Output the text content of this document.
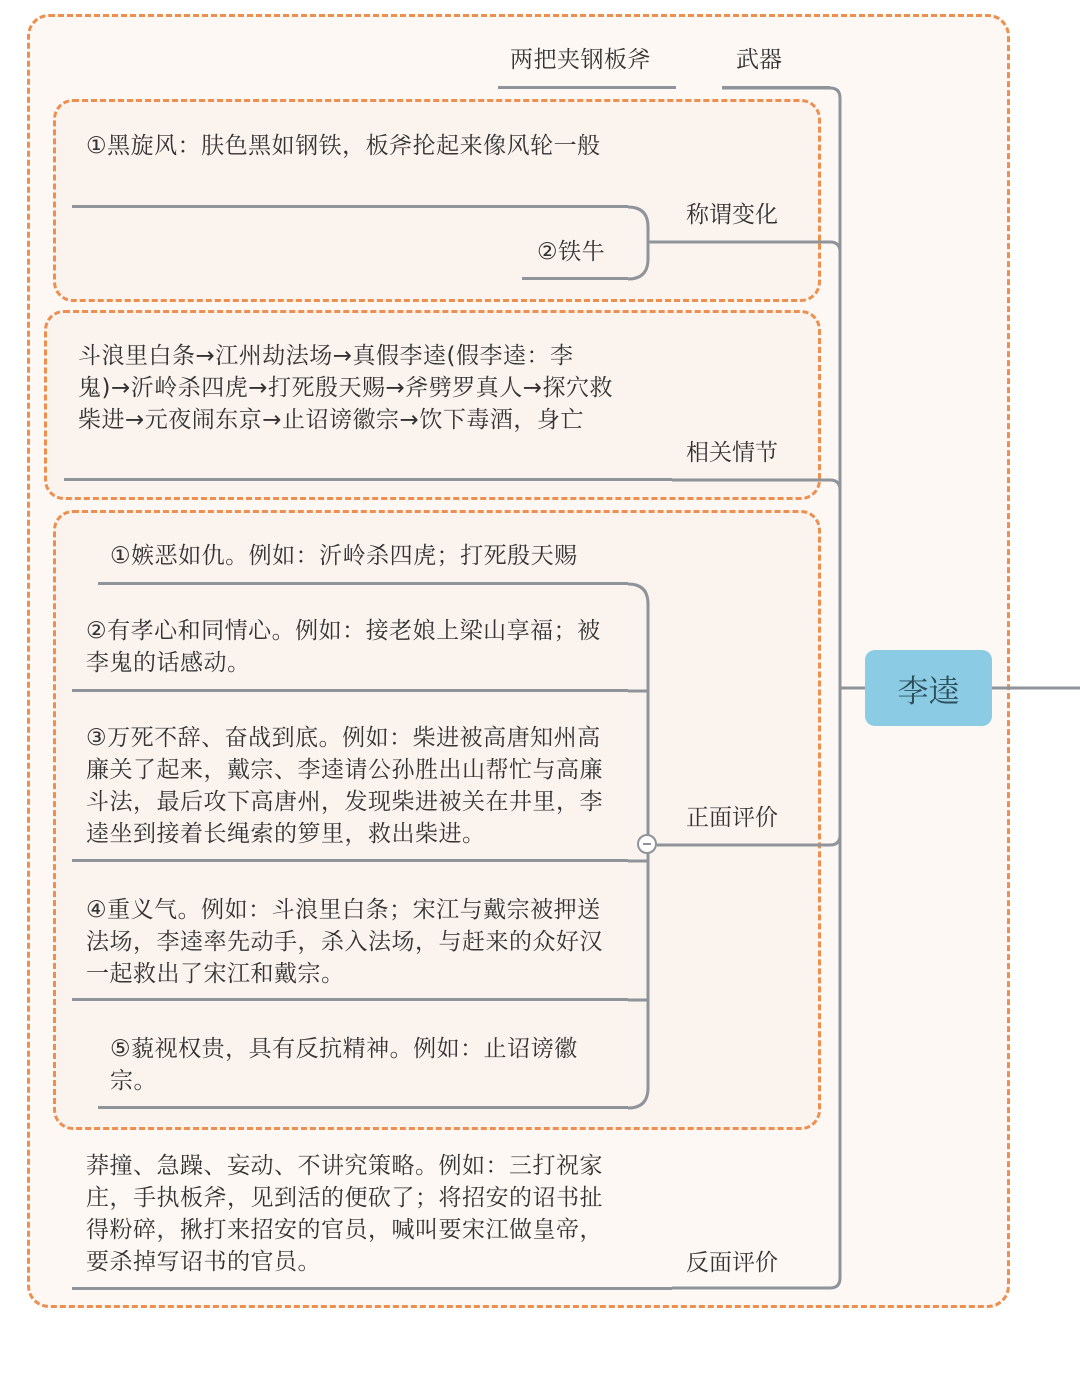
李逵
两把夹钢板斧	武器
①黑旋风：肤色黑如钢铁，板斧抡起来像风轮一般
②铁牛
称谓变化
斗浪里白条→江州劫法场→真假李逵(假李逵：李鬼)→沂岭杀四虎→打死殷天赐→斧劈罗真人→探穴救柴进→元夜闹东京→止诏谤徽宗→饮下毒酒，身亡
相关情节
①嫉恶如仇。例如：沂岭杀四虎；打死殷天赐
②有孝心和同情心。例如：接老娘上梁山享福；被李鬼的话感动。
③万死不辞、奋战到底。例如：柴进被高唐知州高廉关了起来，戴宗、李逵请公孙胜出山帮忙与高廉斗法，最后攻下高唐州，发现柴进被关在井里，李逵坐到接着长绳索的箩里，救出柴进。
④重义气。例如：斗浪里白条；宋江与戴宗被押送法场，李逵率先动手，杀入法场，与赶来的众好汉一起救出了宋江和戴宗。
⑤藐视权贵，具有反抗精神。例如：止诏谤徽宗。
正面评价
莽撞、急躁、妄动、不讲究策略。例如：三打祝家庄，手执板斧，见到活的便砍了；将招安的诏书扯得粉碎，揪打来招安的官员，喊叫要宋江做皇帝，要杀掉写诏书的官员。	反面评价
